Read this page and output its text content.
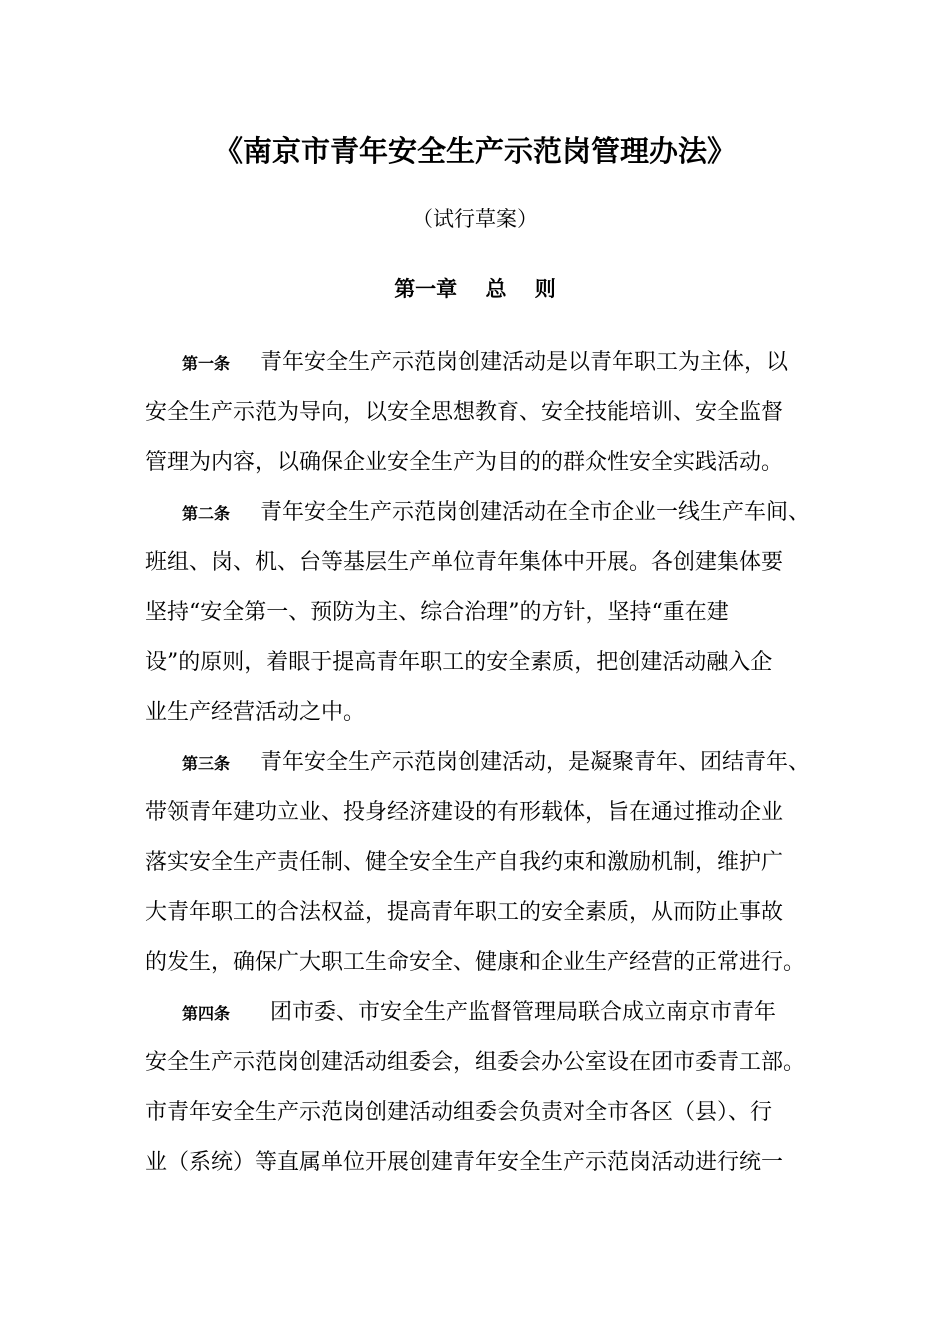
《南京市青年安全生产示范岗管理办法》
（试行草案）
第一章　 总　 则
第一条 青年安全生产示范岗创建活动是以青年职工为主体，以
安全生产示范为导向，以安全思想教育、安全技能培训、安全监督
管理为内容，以确保企业安全生产为目的的群众性安全实践活动。
第二条 青年安全生产示范岗创建活动在全市企业一线生产车间、
班组、岗、机、台等基层生产单位青年集体中开展。各创建集体要
坚持“安全第一、预防为主、综合治理”的方针，坚持“重在建
设”的原则，着眼于提高青年职工的安全素质，把创建活动融入企
业生产经营活动之中。
第三条 青年安全生产示范岗创建活动，是凝聚青年、团结青年、
带领青年建功立业、投身经济建设的有形载体，旨在通过推动企业
落实安全生产责任制、健全安全生产自我约束和激励机制，维护广
大青年职工的合法权益，提高青年职工的安全素质，从而防止事故
的发生，确保广大职工生命安全、健康和企业生产经营的正常进行。
第四条 团市委、市安全生产监督管理局联合成立南京市青年
安全生产示范岗创建活动组委会，组委会办公室设在团市委青工部。
市青年安全生产示范岗创建活动组委会负责对全市各区（县）、行
业（系统）等直属单位开展创建青年安全生产示范岗活动进行统一
